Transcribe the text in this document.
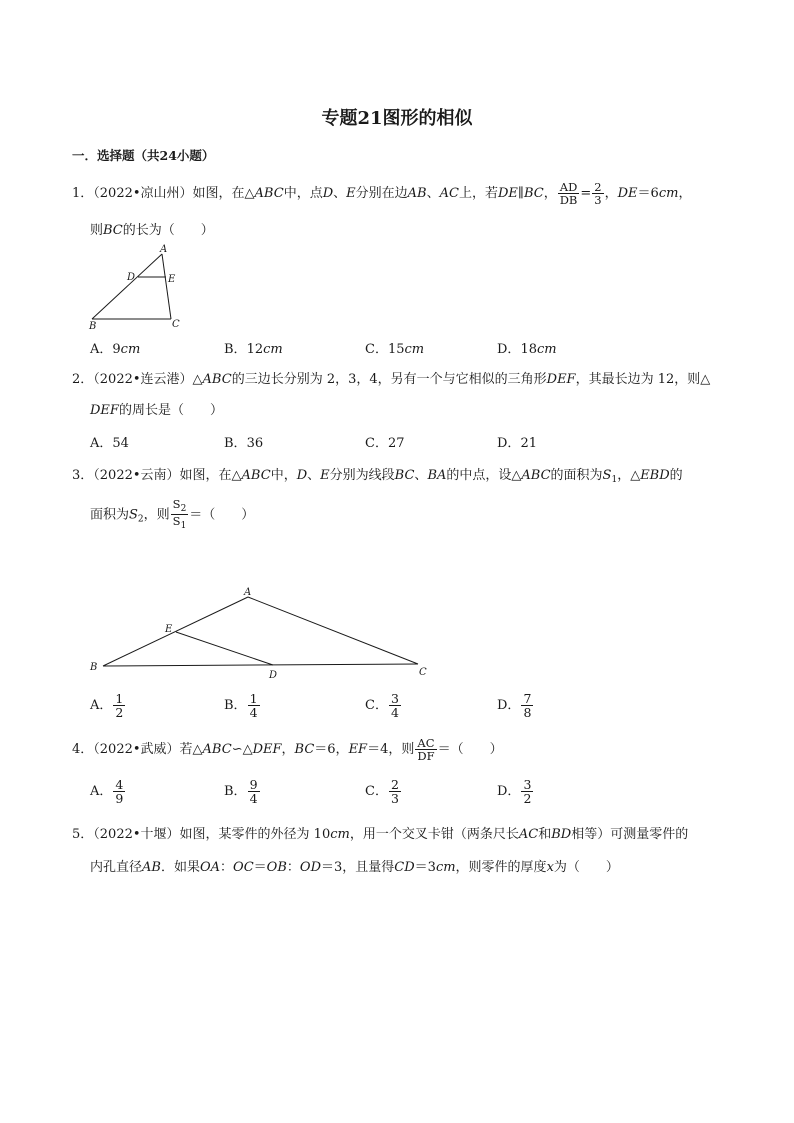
专题21图形的相似
一．选择题（共24小题）
1．（2022•凉山州）如图，在△ABC中，点D、E分别在边AB、AC上，若DE∥BC， $\frac{AD}{DB} = \frac{2}{3}$ ，DE＝6cm，
则BC的长为（　　）
A
D	E
B	C
A．9cm	B．12cm	C．15cm	D．18cm
2．（2022•连云港）△ABC的三边长分别为 2，3，4，另有一个与它相似的三角形DEF，其最长边为 12，则△
DEF的周长是（　　）
A．54	B．36	C．27	D．21
3．（2022•云南）如图，在△ABC中，D、E分别为线段BC、BA的中点，设△ABC的面积为$S_1$，△EBD的
面积为$S_2$，则 $\frac{S_2}{S_1}$ ＝（　　）
A
E
B
D	C
A． $\frac{1}{2}$	B． $\frac{1}{4}$	C． $\frac{3}{4}$	D． $\frac{7}{8}$
4．（2022•武威）若△ABC∽△DEF，BC＝6，EF＝4，则 $\frac{AC}{DF}$ ＝（　　）
A． $\frac{4}{9}$	B． $\frac{9}{4}$	C． $\frac{2}{3}$	D． $\frac{3}{2}$
5．（2022•十堰）如图，某零件的外径为 10cm，用一个交叉卡钳（两条尺长AC和BD相等）可测量零件的
内孔直径AB．如果OA：OC＝OB：OD＝3，且量得CD＝3cm，则零件的厚度x为（　　）
